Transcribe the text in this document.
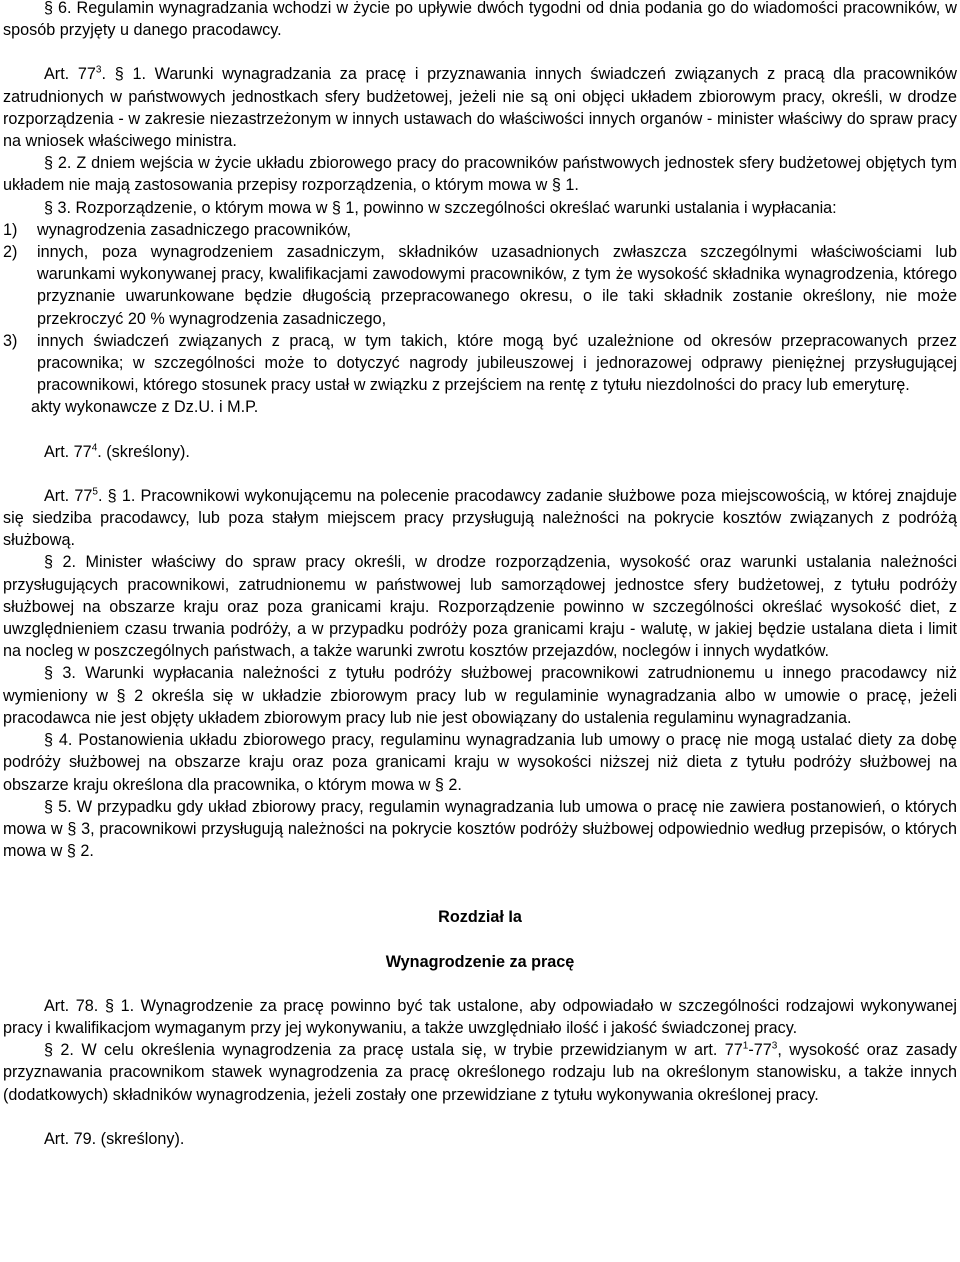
§ 6. Regulamin wynagradzania wchodzi w życie po upływie dwóch tygodni od dnia podania go do wiadomości pracowników, w sposób przyjęty u danego pracodawcy.

Art. $77^3$. § 1. Warunki wynagradzania za pracę i przyznawania innych świadczeń związanych z pracą dla pracowników zatrudnionych w państwowych jednostkach sfery budżetowej, jeżeli nie są oni objęci układem zbiorowym pracy, określi, w drodze rozporządzenia - w zakresie niezastrzeżonym w innych ustawach do właściwości innych organów - minister właściwy do spraw pracy na wniosek właściwego ministra.

§ 2. Z dniem wejścia w życie układu zbiorowego pracy do pracowników państwowych jednostek sfery budżetowej objętych tym układem nie mają zastosowania przepisy rozporządzenia, o którym mowa w § 1.

§ 3. Rozporządzenie, o którym mowa w § 1, powinno w szczególności określać warunki ustalania i wypłacania:

1)	wynagrodzenia zasadniczego pracowników,
2)	innych, poza wynagrodzeniem zasadniczym, składników uzasadnionych zwłaszcza szczególnymi właściwościami lub warunkami wykonywanej pracy, kwalifikacjami zawodowymi pracowników, z tym że wysokość składnika wynagrodzenia, którego przyznanie uwarunkowane będzie długością przepracowanego okresu, o ile taki składnik zostanie określony, nie może przekroczyć 20 % wynagrodzenia zasadniczego,
3)	innych świadczeń związanych z pracą, w tym takich, które mogą być uzależnione od okresów przepracowanych przez pracownika; w szczególności może to dotyczyć nagrody jubileuszowej i jednorazowej odprawy pieniężnej przysługującej pracownikowi, którego stosunek pracy ustał w związku z przejściem na rentę z tytułu niezdolności do pracy lub emeryturę.

akty wykonawcze z Dz.U. i M.P.

Art. $77^4$. (skreślony).

Art. $77^5$. § 1. Pracownikowi wykonującemu na polecenie pracodawcy zadanie służbowe poza miejscowością, w której znajduje się siedziba pracodawcy, lub poza stałym miejscem pracy przysługują należności na pokrycie kosztów związanych z podróżą służbową.

§ 2. Minister właściwy do spraw pracy określi, w drodze rozporządzenia, wysokość oraz warunki ustalania należności przysługujących pracownikowi, zatrudnionemu w państwowej lub samorządowej jednostce sfery budżetowej, z tytułu podróży służbowej na obszarze kraju oraz poza granicami kraju. Rozporządzenie powinno w szczególności określać wysokość diet, z uwzględnieniem czasu trwania podróży, a w przypadku podróży poza granicami kraju - walutę, w jakiej będzie ustalana dieta i limit na nocleg w poszczególnych państwach, a także warunki zwrotu kosztów przejazdów, noclegów i innych wydatków.

§ 3. Warunki wypłacania należności z tytułu podróży służbowej pracownikowi zatrudnionemu u innego pracodawcy niż wymieniony w § 2 określa się w układzie zbiorowym pracy lub w regulaminie wynagradzania albo w umowie o pracę, jeżeli pracodawca nie jest objęty układem zbiorowym pracy lub nie jest obowiązany do ustalenia regulaminu wynagradzania.

§ 4. Postanowienia układu zbiorowego pracy, regulaminu wynagradzania lub umowy o pracę nie mogą ustalać diety za dobę podróży służbowej na obszarze kraju oraz poza granicami kraju w wysokości niższej niż dieta z tytułu podróży służbowej na obszarze kraju określona dla pracownika, o którym mowa w § 2.

§ 5. W przypadku gdy układ zbiorowy pracy, regulamin wynagradzania lub umowa o pracę nie zawiera postanowień, o których mowa w § 3, pracownikowi przysługują należności na pokrycie kosztów podróży służbowej odpowiednio według przepisów, o których mowa w § 2.

Rozdział Ia

Wynagrodzenie za pracę

Art. 78. § 1. Wynagrodzenie za pracę powinno być tak ustalone, aby odpowiadało w szczególności rodzajowi wykonywanej pracy i kwalifikacjom wymaganym przy jej wykonywaniu, a także uwzględniało ilość i jakość świadczonej pracy.

§ 2. W celu określenia wynagrodzenia za pracę ustala się, w trybie przewidzianym w art. $77^1-77^3$, wysokość oraz zasady przyznawania pracownikom stawek wynagrodzenia za pracę określonego rodzaju lub na określonym stanowisku, a także innych (dodatkowych) składników wynagrodzenia, jeżeli zostały one przewidziane z tytułu wykonywania określonej pracy.

Art. 79. (skreślony).
